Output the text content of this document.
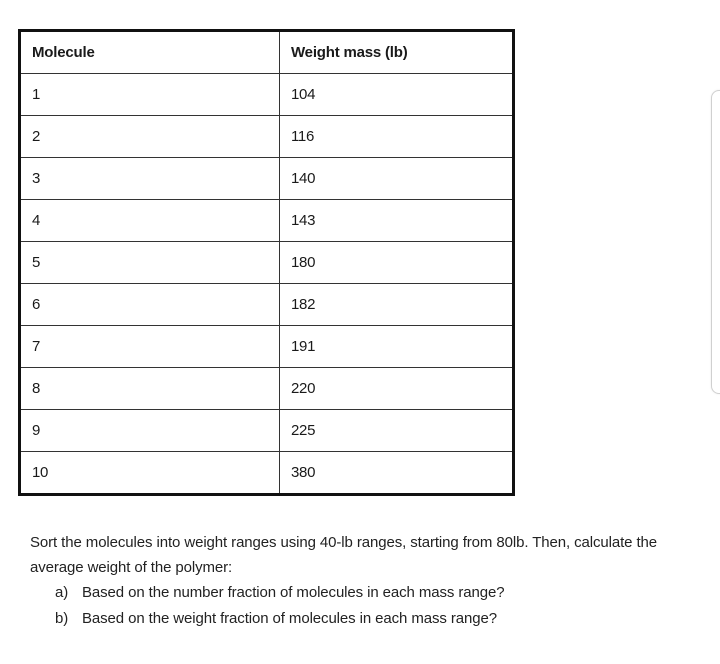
Molecule	Weight mass (lb)
1	104
2	116
3	140
4	143
5	180
6	182
7	191
8	220
9	225
10	380

Sort the molecules into weight ranges using 40-lb ranges, starting from 80lb. Then, calculate the average weight of the polymer:

a) Based on the number fraction of molecules in each mass range?
b) Based on the weight fraction of molecules in each mass range?
